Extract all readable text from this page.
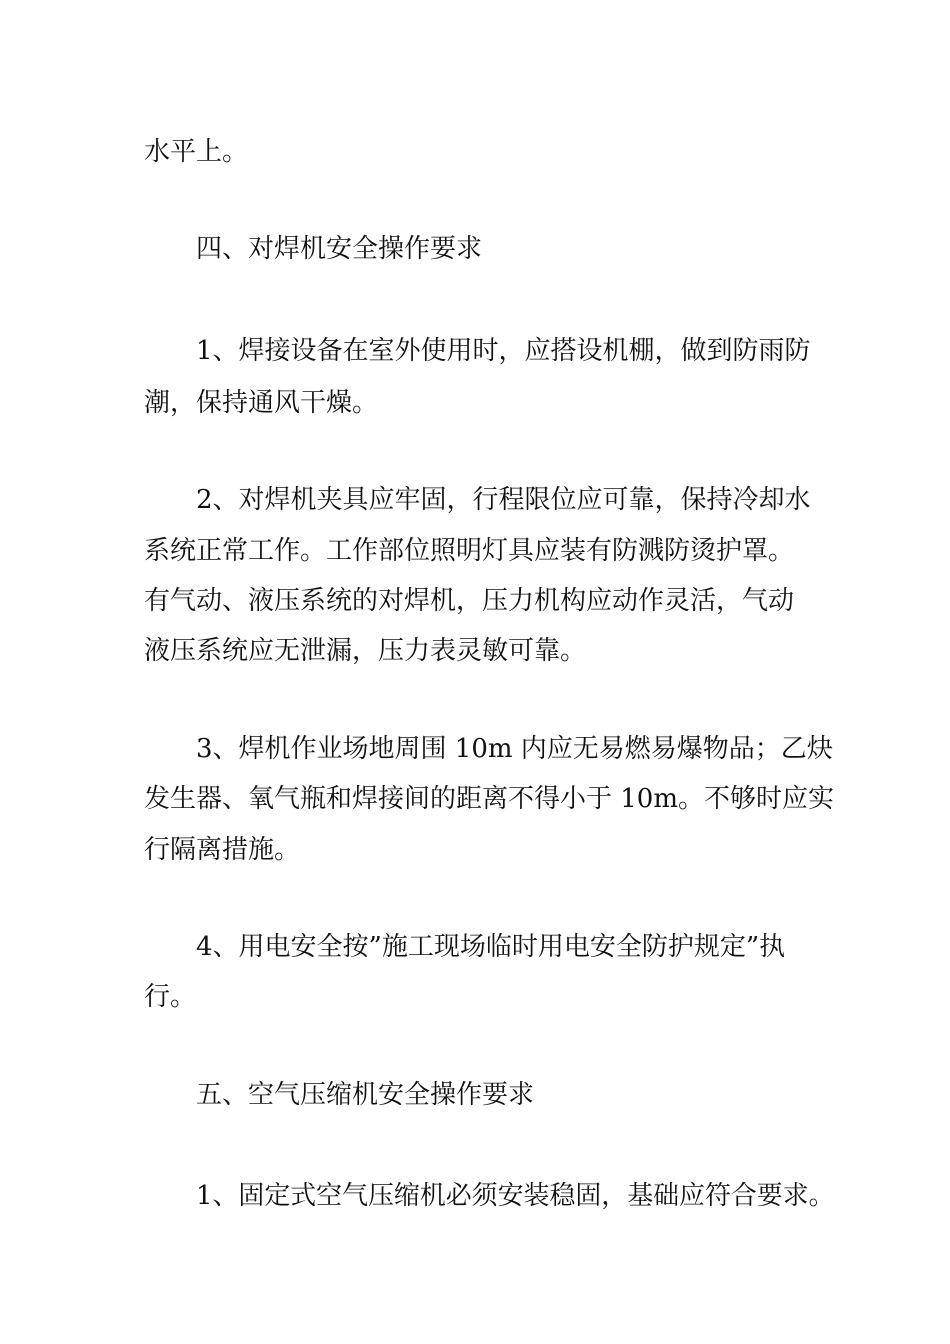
水平上。
四、对焊机安全操作要求
1、焊接设备在室外使用时，应搭设机棚，做到防雨防
潮，保持通风干燥。
2、对焊机夹具应牢固，行程限位应可靠，保持冷却水
系统正常工作。工作部位照明灯具应装有防溅防烫护罩。
有气动、液压系统的对焊机，压力机构应动作灵活，气动
液压系统应无泄漏，压力表灵敏可靠。
3、焊机作业场地周围 10m 内应无易燃易爆物品；乙炔
发生器、氧气瓶和焊接间的距离不得小于 10m。不够时应实
行隔离措施。
4、用电安全按”施工现场临时用电安全防护规定”执
行。
五、空气压缩机安全操作要求
1、固定式空气压缩机必须安装稳固，基础应符合要求。
